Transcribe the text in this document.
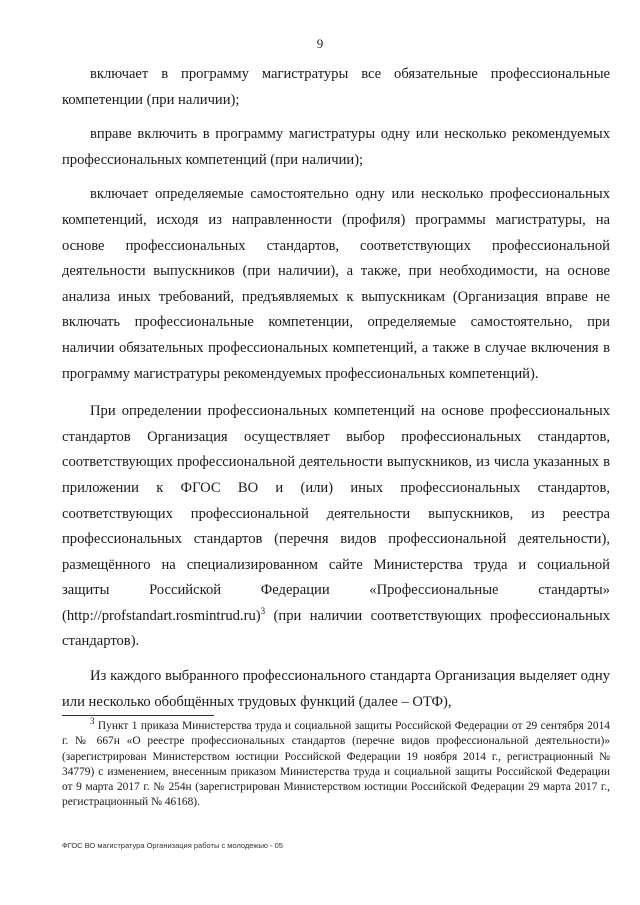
9

включает в программу магистратуры все обязательные профессиональные компетенции (при наличии);

вправе включить в программу магистратуры одну или несколько рекомендуемых профессиональных компетенций (при наличии);

включает определяемые самостоятельно одну или несколько профессиональных компетенций, исходя из направленности (профиля) программы магистратуры, на основе профессиональных стандартов, соответствующих профессиональной деятельности выпускников (при наличии), а также, при необходимости, на основе анализа иных требований, предъявляемых к выпускникам (Организация вправе не включать профессиональные компетенции, определяемые самостоятельно, при наличии обязательных профессиональных компетенций, а также в случае включения в программу магистратуры рекомендуемых профессиональных компетенций).

При определении профессиональных компетенций на основе профессиональных стандартов Организация осуществляет выбор профессиональных стандартов, соответствующих профессиональной деятельности выпускников, из числа указанных в приложении к ФГОС ВО и (или) иных профессиональных стандартов, соответствующих профессиональной деятельности выпускников, из реестра профессиональных стандартов (перечня видов профессиональной деятельности), размещённого на специализированном сайте Министерства труда и социальной защиты Российской Федерации «Профессиональные стандарты» (http://profstandart.rosmintrud.ru)$^3$ (при наличии соответствующих профессиональных стандартов).

Из каждого выбранного профессионального стандарта Организация выделяет одну или несколько обобщённых трудовых функций (далее – ОТФ),

$^3$ Пункт 1 приказа Министерства труда и социальной защиты Российской Федерации от 29 сентября 2014 г. № 667н «О реестре профессиональных стандартов (перечне видов профессиональной деятельности)» (зарегистрирован Министерством юстиции Российской Федерации 19 ноября 2014 г., регистрационный № 34779) с изменением, внесенным приказом Министерства труда и социальной защиты Российской Федерации от 9 марта 2017 г. № 254н (зарегистрирован Министерством юстиции Российской Федерации 29 марта 2017 г., регистрационный № 46168).

ФГОС ВО магистратура Организация работы с молодежью - 05
